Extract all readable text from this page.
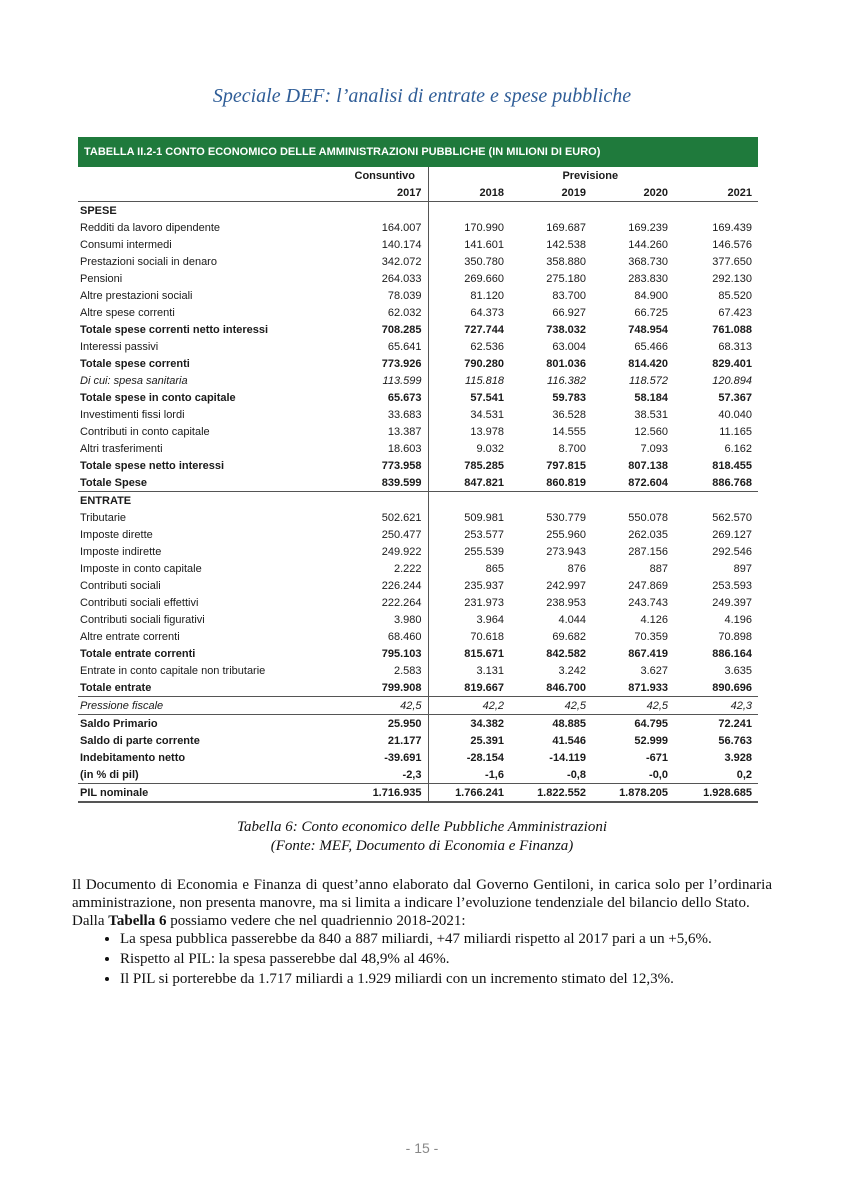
Speciale DEF: l’analisi di entrate e spese pubbliche
TABELLA II.2-1 CONTO ECONOMICO DELLE AMMINISTRAZIONI PUBBLICHE (IN MILIONI DI EURO)
	Consuntivo	Previsione			
	2017	2018	2019	2020	2021
SPESE					
Redditi da lavoro dipendente	164.007	170.990	169.687	169.239	169.439
Consumi intermedi	140.174	141.601	142.538	144.260	146.576
Prestazioni sociali in denaro	342.072	350.780	358.880	368.730	377.650
Pensioni	264.033	269.660	275.180	283.830	292.130
Altre prestazioni sociali	78.039	81.120	83.700	84.900	85.520
Altre spese correnti	62.032	64.373	66.927	66.725	67.423
Totale spese correnti netto interessi	708.285	727.744	738.032	748.954	761.088
Interessi passivi	65.641	62.536	63.004	65.466	68.313
Totale spese correnti	773.926	790.280	801.036	814.420	829.401
Di cui: spesa sanitaria	113.599	115.818	116.382	118.572	120.894
Totale spese in conto capitale	65.673	57.541	59.783	58.184	57.367
Investimenti fissi lordi	33.683	34.531	36.528	38.531	40.040
Contributi in conto capitale	13.387	13.978	14.555	12.560	11.165
Altri trasferimenti	18.603	9.032	8.700	7.093	6.162
Totale spese netto interessi	773.958	785.285	797.815	807.138	818.455
Totale Spese	839.599	847.821	860.819	872.604	886.768
ENTRATE					
Tributarie	502.621	509.981	530.779	550.078	562.570
Imposte dirette	250.477	253.577	255.960	262.035	269.127
Imposte indirette	249.922	255.539	273.943	287.156	292.546
Imposte in conto capitale	2.222	865	876	887	897
Contributi sociali	226.244	235.937	242.997	247.869	253.593
Contributi sociali effettivi	222.264	231.973	238.953	243.743	249.397
Contributi sociali figurativi	3.980	3.964	4.044	4.126	4.196
Altre entrate correnti	68.460	70.618	69.682	70.359	70.898
Totale entrate correnti	795.103	815.671	842.582	867.419	886.164
Entrate in conto capitale non tributarie	2.583	3.131	3.242	3.627	3.635
Totale entrate	799.908	819.667	846.700	871.933	890.696
Pressione fiscale	42,5	42,2	42,5	42,5	42,3
Saldo Primario	25.950	34.382	48.885	64.795	72.241
Saldo di parte corrente	21.177	25.391	41.546	52.999	56.763
Indebitamento netto	-39.691	-28.154	-14.119	-671	3.928
(in % di pil)	-2,3	-1,6	-0,8	-0,0	0,2
PIL nominale	1.716.935	1.766.241	1.822.552	1.878.205	1.928.685
Tabella 6: Conto economico delle Pubbliche Amministrazioni
(Fonte: MEF, Documento di Economia e Finanza)

Il Documento di Economia e Finanza di quest’anno elaborato dal Governo Gentiloni, in carica solo per l’ordinaria amministrazione, non presenta manovre, ma si limita a indicare l’evoluzione tendenziale del bilancio dello Stato.

Dalla Tabella 6 possiamo vedere che nel quadriennio 2018-2021:

• La spesa pubblica passerebbe da 840 a 887 miliardi, +47 miliardi rispetto al 2017 pari a un +5,6%.
• Rispetto al PIL: la spesa passerebbe dal 48,9% al 46%.
• Il PIL si porterebbe da 1.717 miliardi a 1.929 miliardi con un incremento stimato del 12,3%.
- 15 -
